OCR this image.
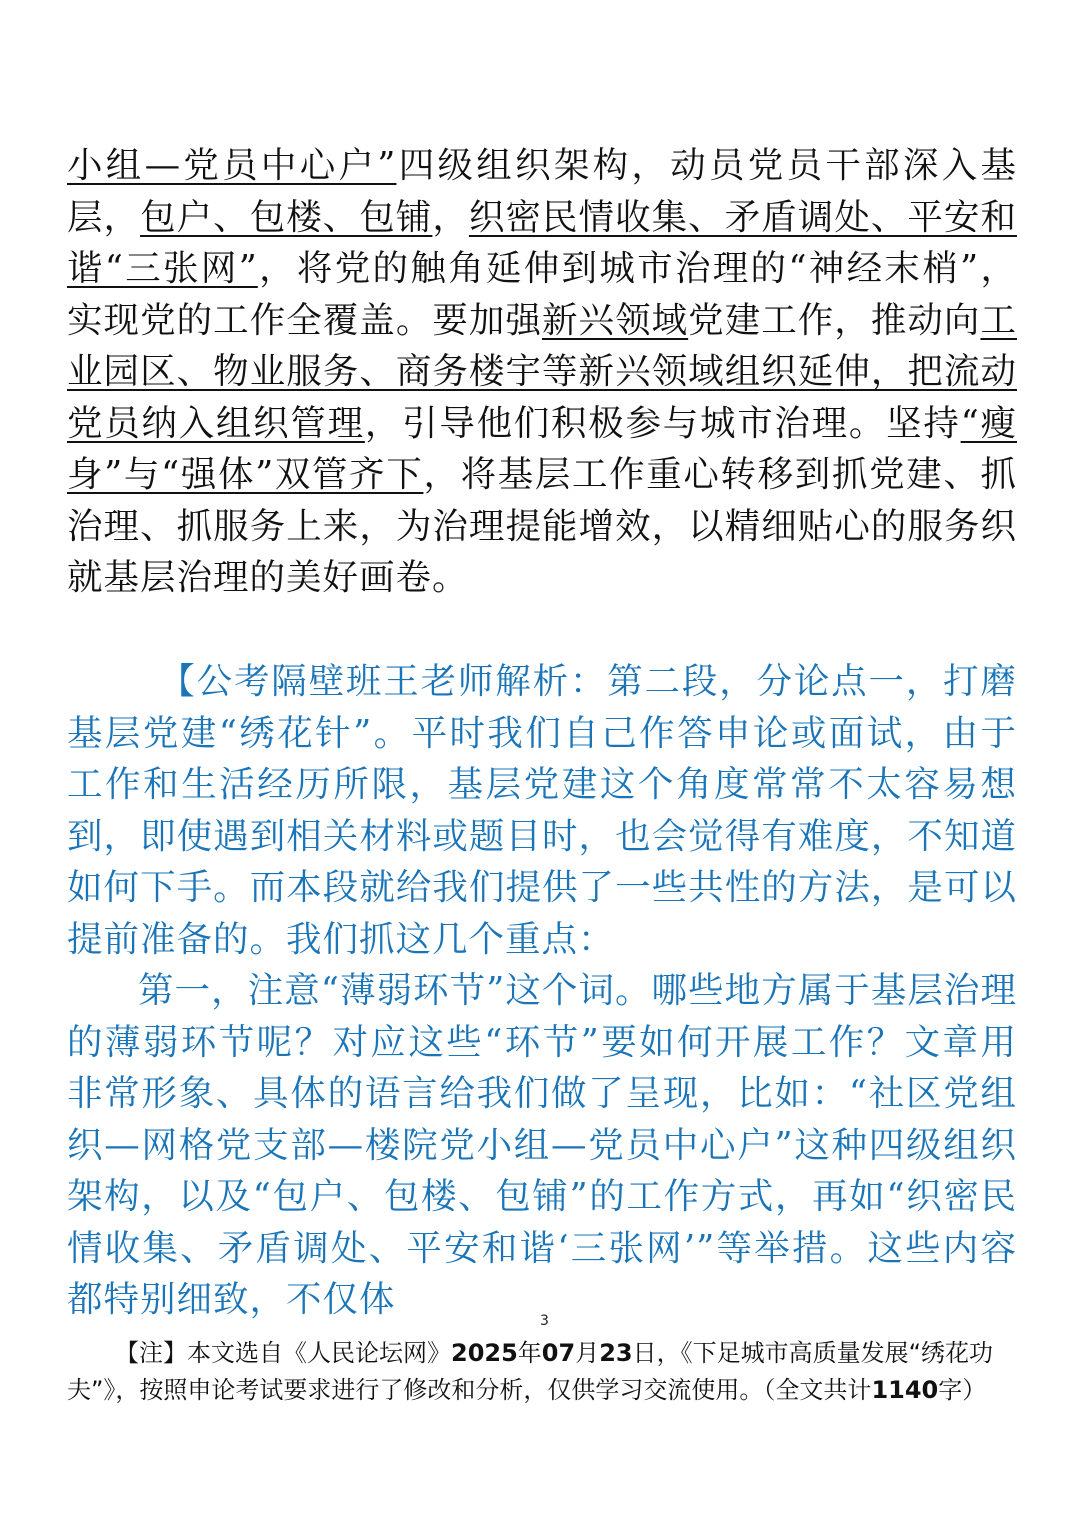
小组—党员中心户”四级组织架构，动员党员干部深入基层，包户、包楼、包铺，织密民情收集、矛盾调处、平安和谐“三张网”，将党的触角延伸到城市治理的“神经末梢”，实现党的工作全覆盖。要加强新兴领域党建工作，推动向工业园区、物业服务、商务楼宇等新兴领域组织延伸，把流动党员纳入组织管理，引导他们积极参与城市治理。坚持“瘦身”与“强体”双管齐下，将基层工作重心转移到抓党建、抓治理、抓服务上来，为治理提能增效，以精细贴心的服务织就基层治理的美好画卷。

【公考隔壁班王老师解析：第二段，分论点一，打磨基层党建“绣花针”。平时我们自己作答申论或面试，由于工作和生活经历所限，基层党建这个角度常常不太容易想到，即使遇到相关材料或题目时，也会觉得有难度，不知道如何下手。而本段就给我们提供了一些共性的方法，是可以提前准备的。我们抓这几个重点：

第一，注意“薄弱环节”这个词。哪些地方属于基层治理的薄弱环节呢？对应这些“环节”要如何开展工作？文章用非常形象、具体的语言给我们做了呈现，比如：“社区党组织—网格党支部—楼院党小组—党员中心户”这种四级组织架构，以及“包户、包楼、包铺”的工作方式，再如“织密民情收集、矛盾调处、平安和谐‘三张网’”等举措。这些内容都特别细致，不仅体

3
【注】本文选自《人民论坛网》2025年07月23日，《下足城市高质量发展“绣花功夫”》，按照申论考试要求进行了修改和分析，仅供学习交流使用。（全文共计1140字）
